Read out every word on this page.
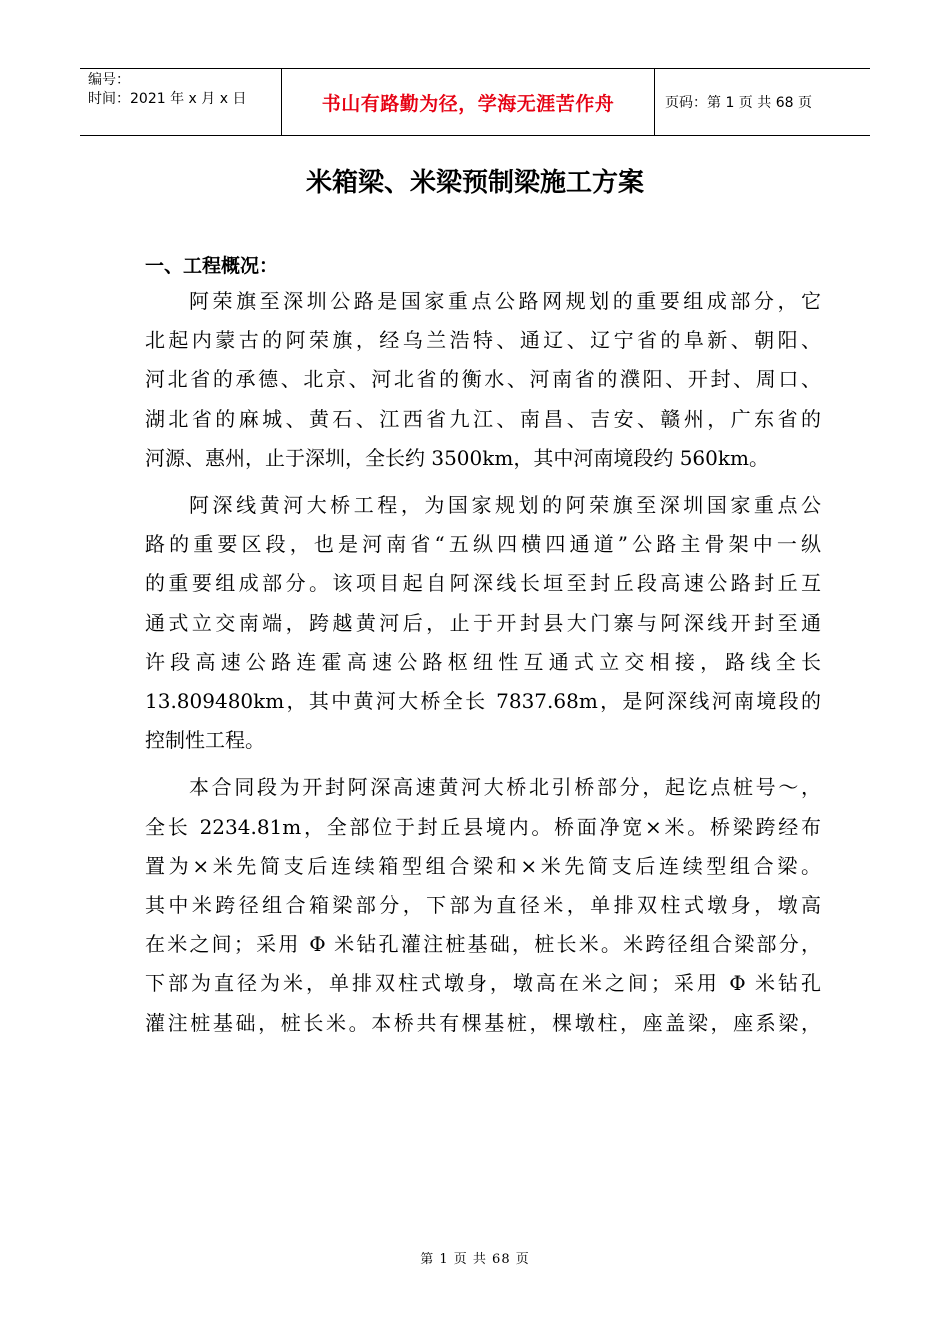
编号：
时间：2021 年 x 月 x 日	书山有路勤为径，学海无涯苦作舟	页码：第 1 页 共 68 页
米箱梁、米梁预制梁施工方案
一、工程概况：

阿荣旗至深圳公路是国家重点公路网规划的重要组成部分，它
北起内蒙古的阿荣旗，经乌兰浩特、通辽、辽宁省的阜新、朝阳、
河北省的承德、北京、河北省的衡水、河南省的濮阳、开封、周口、
湖北省的麻城、黄石、江西省九江、南昌、吉安、赣州，广东省的
河源、惠州，止于深圳，全长约 3500km，其中河南境段约 560km。

阿深线黄河大桥工程，为国家规划的阿荣旗至深圳国家重点公
路的重要区段，也是河南省“五纵四横四通道”公路主骨架中一纵
的重要组成部分。该项目起自阿深线长垣至封丘段高速公路封丘互
通式立交南端，跨越黄河后，止于开封县大门寨与阿深线开封至通
许段高速公路连霍高速公路枢纽性互通式立交相接，路线全长
13.809480km，其中黄河大桥全长 7837.68m，是阿深线河南境段的
控制性工程。

本合同段为开封阿深高速黄河大桥北引桥部分，起讫点桩号～，
全长 2234.81m，全部位于封丘县境内。桥面净宽×米。桥梁跨经布
置为×米先简支后连续箱型组合梁和×米先简支后连续型组合梁。
其中米跨径组合箱梁部分，下部为直径米，单排双柱式墩身，墩高
在米之间；采用 Φ 米钻孔灌注桩基础，桩长米。米跨径组合梁部分，
下部为直径为米，单排双柱式墩身，墩高在米之间；采用 Φ 米钻孔
灌注桩基础，桩长米。本桥共有棵基桩，棵墩柱，座盖梁，座系梁，

第 1 页 共 68 页
